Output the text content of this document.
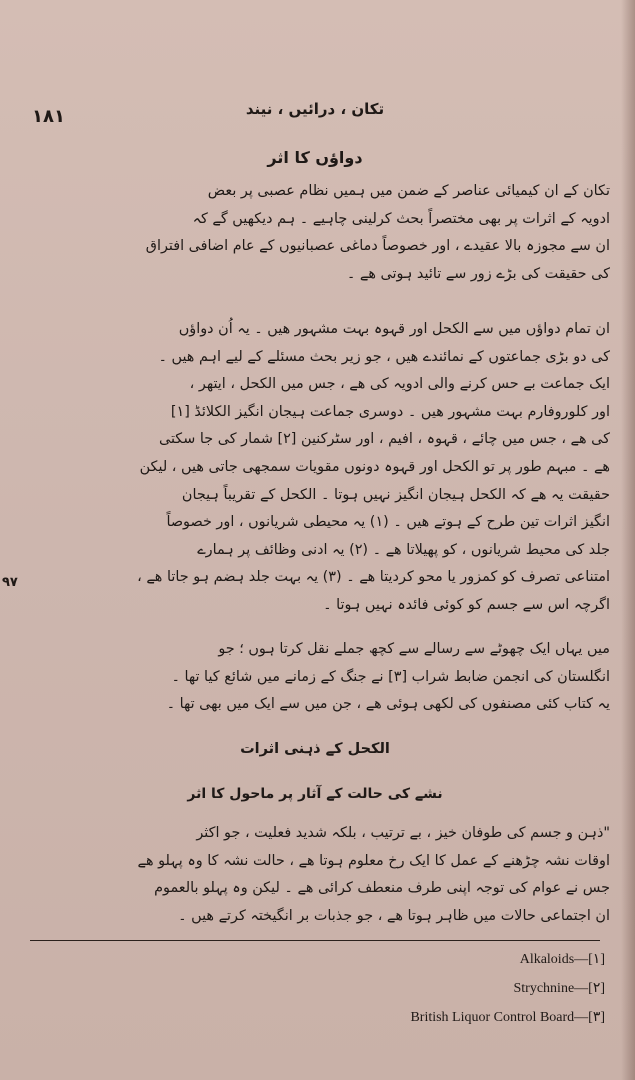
۱۸۱	تکان ، درائیں ، نیند
۹۷
دواؤں کا اثر

تکان کے ان کیمیائی عناصر کے ضمن میں ہمیں نظام عصبی پر بعض

ادویہ کے اثرات پر بھی مختصراً بحث کرلینی چاہیے ۔ ہم دیکھیں گے کہ

ان سے مجوزہ بالا عقیدے ، اور خصوصاً دماغی عصبانیوں کے عام اضافی افتراق

کی حقیقت کی بڑے زور سے تائید ہوتی ھے ۔

ان تمام دواؤں میں سے الکحل اور قہوہ بہت مشہور ھیں ۔ یہ اُن دواؤں

کی دو بڑی جماعتوں کے نمائندے ھیں ، جو زیر بحث مسئلے کے لیے اہم ھیں ۔

ایک جماعت بے حس کرنے والی ادویہ کی ھے ، جس میں الکحل ، ایتھر ،

اور کلوروفارم بہت مشہور ھیں ۔ دوسری جماعت ہیجان انگیز الکلائڈ [۱]

کی ھے ، جس میں چائے ، قہوہ ، افیم ، اور سٹرکنین [۲] شمار کی جا سکتی

ھے ۔ مبہم طور پر تو الکحل اور قہوہ دونوں مقویات سمجھی جاتی ھیں ، لیکن

حقیقت یہ ھے کہ الکحل ہیجان انگیز نہیں ہوتا ۔ الکحل کے تقریباً ہیجان

انگیز اثرات تین طرح کے ہوتے ھیں ۔ (۱) یہ محیطی شریانوں ، اور خصوصاً

جلد کی محیط شریانوں ، کو پھیلاتا ھے ۔ (۲) یہ ادنی وظائف پر ہمارے

امتناعی تصرف کو کمزور یا محو کردیتا ھے ۔ (۳) یہ بہت جلد ہضم ہو جاتا ھے ،

اگرچہ اس سے جسم کو کوئی فائدہ نہیں ہوتا ۔

میں یہاں ایک چھوٹے سے رسالے سے کچھ جملے نقل کرتا ہوں ؛ جو

انگلستان کی انجمن ضابط شراب [۳] نے جنگ کے زمانے میں شائع کیا تھا ۔

یہ کتاب کئی مصنفوں کی لکھی ہوئی ھے ، جن میں سے ایک میں بھی تھا ۔

الکحل کے ذہنی اثرات
نشے کی حالت کے آثار پر ماحول کا اثر

"ذہن و جسم کی طوفان خیز ، بے ترتیب ، بلکہ شدید فعلیت ، جو اکثر

اوقات نشہ چڑھنے کے عمل کا ایک رخ معلوم ہوتا ھے ، حالت نشہ کا وہ پہلو ھے

جس نے عوام کی توجہ اپنی طرف منعطف کرائی ھے ۔ لیکن وہ پہلو بالعموم

ان اجتماعی حالات میں ظاہر ہوتا ھے ، جو جذبات بر انگیختہ کرتے ھیں ۔

Alkaloids—[۱]
Strychnine—[۲]
British Liquor Control Board—[۳]
